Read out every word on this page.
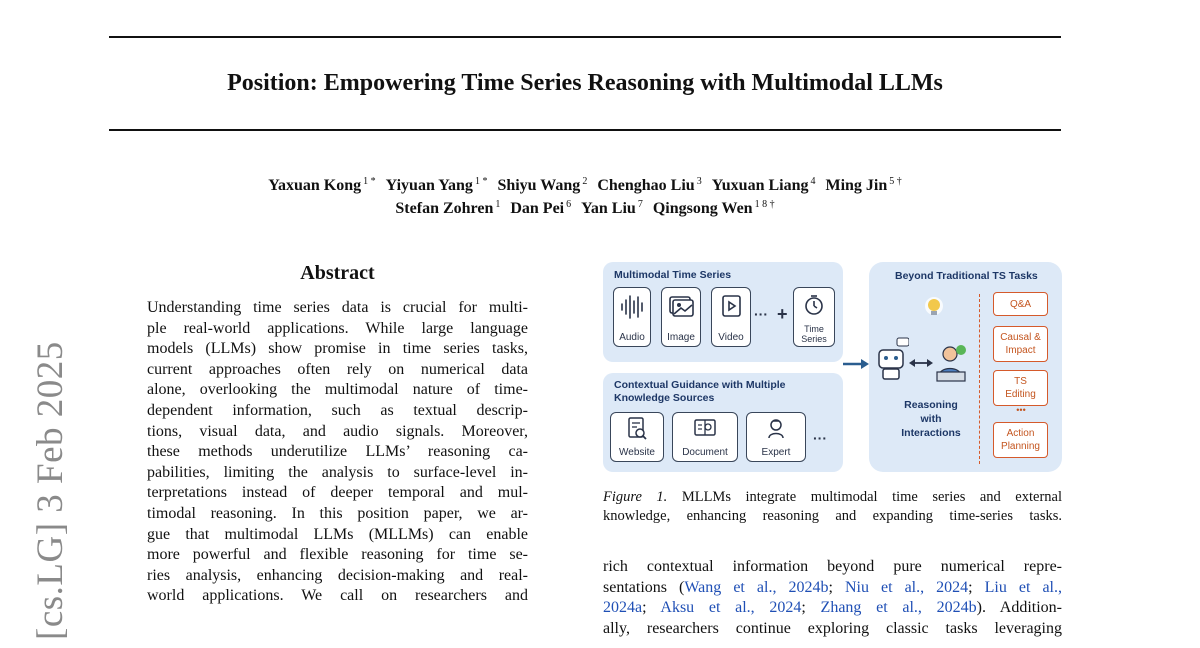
Position: Empowering Time Series Reasoning with Multimodal LLMs
Yaxuan Kong $^{1 *}$ Yiyuan Yang $^{1 *}$ Shiyu Wang $^2$ Chenghao Liu $^3$ Yuxuan Liang $^4$ Ming Jin $^{5 \dagger}$
Stefan Zohren $^1$ Dan Pei $^6$ Yan Liu $^7$ Qingsong Wen $^{1 8 \dagger}$
[cs.LG] 3 Feb 2025
Abstract
Understanding time series data is crucial for multi-
ple real-world applications. While large language
models (LLMs) show promise in time series tasks,
current approaches often rely on numerical data
alone, overlooking the multimodal nature of time-
dependent information, such as textual descrip-
tions, visual data, and audio signals. Moreover,
these methods underutilize LLMs’ reasoning ca-
pabilities, limiting the analysis to surface-level in-
terpretations instead of deeper temporal and mul-
timodal reasoning. In this position paper, we ar-
gue that multimodal LLMs (MLLMs) can enable
more powerful and flexible reasoning for time se-
ries analysis, enhancing decision-making and real-
world applications. We call on researchers and
Multimodal Time Series
Audio	Image	Video
··· +
Time Series
Contextual Guidance with Multiple
Knowledge Sources
Website	Document	Expert
···
Beyond Traditional TS Tasks
Reasoning
with
Interactions
Q&A
Causal &
Impact
TS
Editing
•••
Action
Planning
Figure 1. MLLMs integrate multimodal time series and external
knowledge, enhancing reasoning and expanding time-series tasks.
rich contextual information beyond pure numerical repre-
sentations (Wang et al., 2024b; Niu et al., 2024; Liu et al.,
2024a; Aksu et al., 2024; Zhang et al., 2024b). Addition-
ally, researchers continue exploring classic tasks leveraging
